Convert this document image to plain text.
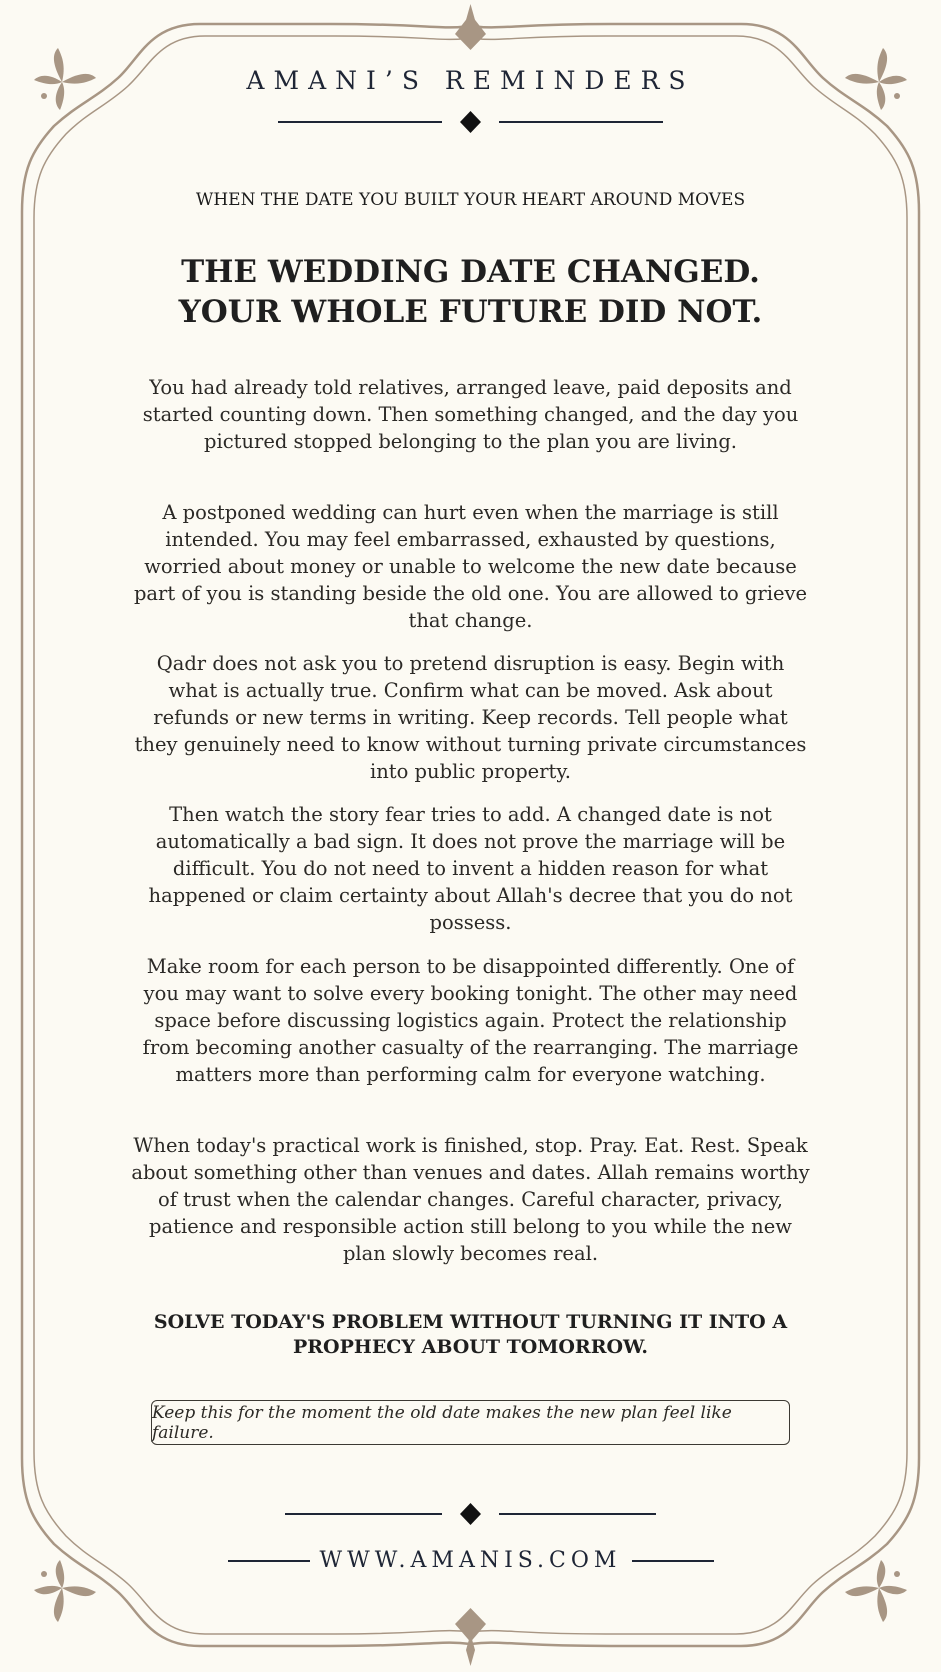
AMANI’S REMINDERS
WHEN THE DATE YOU BUILT YOUR HEART AROUND MOVES
THE WEDDING DATE CHANGED. YOUR WHOLE FUTURE DID NOT.
You had already told relatives, arranged leave, paid deposits and started counting down. Then something changed, and the day you pictured stopped belonging to the plan you are living.
A postponed wedding can hurt even when the marriage is still intended. You may feel embarrassed, exhausted by questions, worried about money or unable to welcome the new date because part of you is standing beside the old one. You are allowed to grieve that change.
Qadr does not ask you to pretend disruption is easy. Begin with what is actually true. Confirm what can be moved. Ask about refunds or new terms in writing. Keep records. Tell people what they genuinely need to know without turning private circumstances into public property.
Then watch the story fear tries to add. A changed date is not automatically a bad sign. It does not prove the marriage will be difficult. You do not need to invent a hidden reason for what happened or claim certainty about Allah's decree that you do not possess.
Make room for each person to be disappointed differently. One of you may want to solve every booking tonight. The other may need space before discussing logistics again. Protect the relationship from becoming another casualty of the rearranging. The marriage matters more than performing calm for everyone watching.
When today's practical work is finished, stop. Pray. Eat. Rest. Speak about something other than venues and dates. Allah remains worthy of trust when the calendar changes. Careful character, privacy, patience and responsible action still belong to you while the new plan slowly becomes real.
SOLVE TODAY'S PROBLEM WITHOUT TURNING IT INTO A PROPHECY ABOUT TOMORROW.
Keep this for the moment the old date makes the new plan feel like failure.
WWW.AMANIS.COM
